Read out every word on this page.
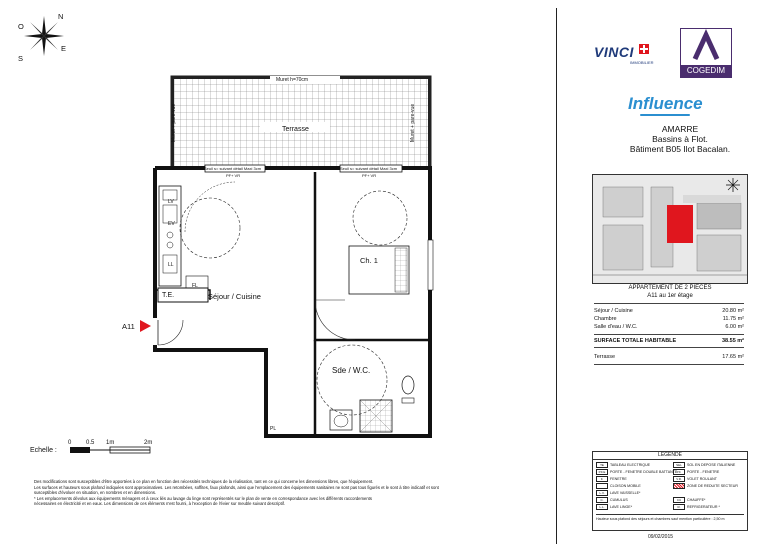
N
E
S
O
Muret h=70cm
Muret + pare-vue	Muret + pare-vue
Terrasse
Seuil s= suivant détail Maxi 3cm	Seuil s= suivant détail Maxi 3cm
PF+ VR	PF+ VR
Séjour / Cuisine
Ch. 1
Sde / W.C.
T.E.
FL
LV
EV
LL
PL
A11
Echelle :
0 0.5 1m	2m
Des modifications sont susceptibles d'être apportées à ce plan en fonction des nécessités techniques de la réalisation, tant en ce qui concerne les dimensions libres, que l'équipement.
Les surfaces et hauteurs sous plafond indiquées sont approximatives. Les retombées, soffites, faux plafonds, ainsi que l'emplacement des équipements sanitaires ne sont pas tous figurés et le sont à titre indicatif et sont susceptibles d'évoluer en situation, en nombres et en dimensions.
* Les emplacements dévolus aux équipements ménagers et à ceux liés au lavage du linge sont représentés sur le plan de vente en correspondance avec les différents raccordements
nécessaires en électricité et en eaux. Les dimensions de ces éléments n'est fourni, à l'exception de l'évier sur meuble suivant descriptif.
VINCI
IMMOBILIER
COGEDIM
Influence
AMARRE
Bassins à Flot.
Bâtiment B05 Ilot Bacalan.
APPARTEMENT DE 2 PIECES
A11 au 1er étage
Séjour / Cuisine	20.80 m²
Chambre	11.75 m²
Salle d'eau / W.C.	6.00 m²
SURFACE TOTALE HABITABLE	38.55 m²
Terrasse	17.65 m²
LEGENDE
TE TABLEAU ELECTRIQUE	SEL SOL EN DEPOSE ITALIENNE
P.F.E PORTE - FENETRE DOUBLE BATTANTE P.F. PORTE - FENETRE
F. FENETRE	V.R. VOLET ROULANT
CLOISON MOBILE	ZONE DE REDUITE SECTEUR
L.V. LAVE VAISSELLE*
C. CUMULUS	CU CHAUFFE*
L.L. LAVE LINGE*	R. REFRIGERATEUR *
Hauteur sous plafond des séjours et chambres sauf mention particulière : 2,50 m
09/02/2015
